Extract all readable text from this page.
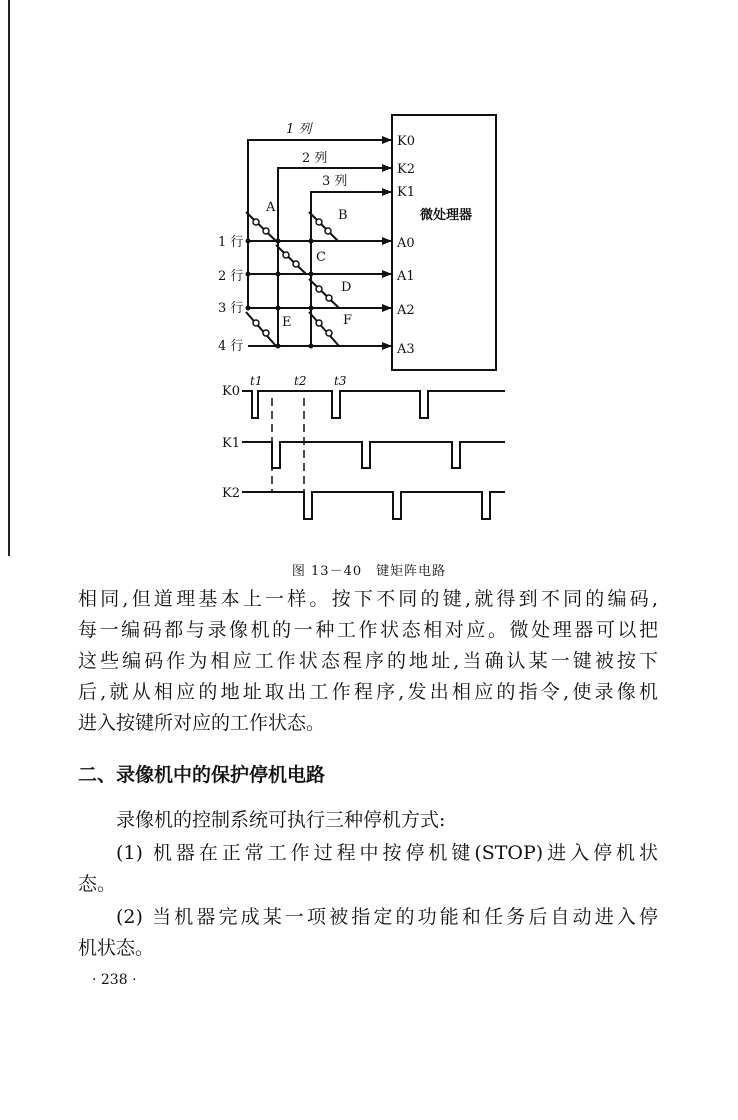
1 列
2 列
3 列
K0
K2
K1
微处理器
A0
A1
A2
A3
1 行
2 行
3 行
4 行
A
B
C
D
E	F
K0
K1
K2
t1	t2 t3
图 13－40　键矩阵电路

相同,但道理基本上一样。按下不同的键,就得到不同的编码,

每一编码都与录像机的一种工作状态相对应。微处理器可以把

这些编码作为相应工作状态程序的地址,当确认某一键被按下

后,就从相应的地址取出工作程序,发出相应的指令,使录像机

进入按键所对应的工作状态。

二、录像机中的保护停机电路

录像机的控制系统可执行三种停机方式:

(1) 机器在正常工作过程中按停机键(STOP)进入停机状

态。

(2) 当机器完成某一项被指定的功能和任务后自动进入停

机状态。

· 238 ·
